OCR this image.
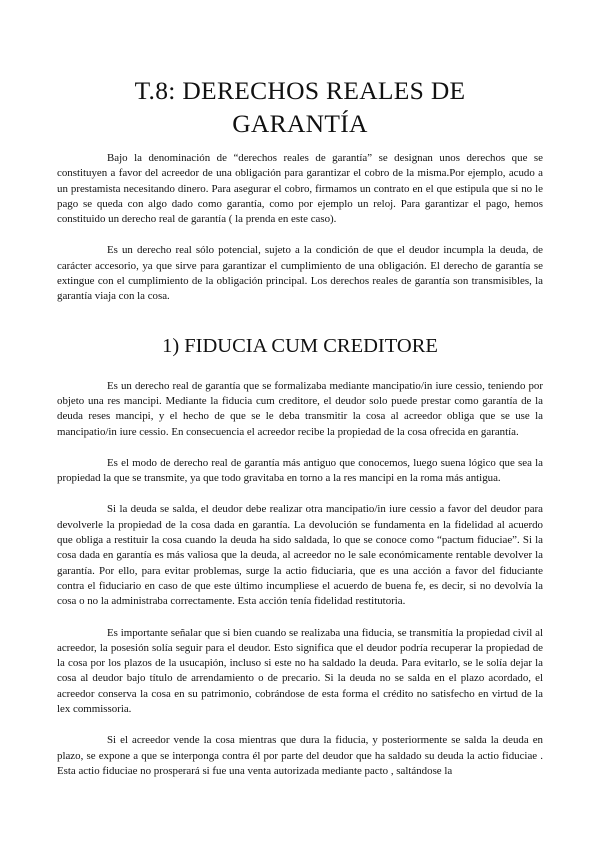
T.8: DERECHOS REALES DE
GARANTÍA

Bajo la denominación de “derechos reales de garantía” se designan unos derechos que se constituyen a favor del acreedor de una obligación para garantizar el cobro de la misma.Por ejemplo, acudo a un prestamista necesitando dinero. Para asegurar el cobro, firmamos un contrato en el que estipula que si no le pago se queda con algo dado como garantía, como por ejemplo un reloj. Para garantizar el pago, hemos constituido un derecho real de garantía ( la prenda en este caso).

Es un derecho real sólo potencial, sujeto a la condición de que el deudor incumpla la deuda, de carácter accesorio, ya que sirve para garantizar el cumplimiento de una obligación. El derecho de garantía se extingue con el cumplimiento de la obligación principal. Los derechos reales de garantía son transmisibles, la garantía viaja con la cosa.

1) FIDUCIA CUM CREDITORE

Es un derecho real de garantía que se formalizaba mediante mancipatio/in iure cessio, teniendo por objeto una res mancipi. Mediante la fiducia cum creditore, el deudor solo puede prestar como garantía de la deuda reses mancipi, y el hecho de que se le deba transmitir la cosa al acreedor obliga que se use la mancipatio/in iure cessio. En consecuencia el acreedor recibe la propiedad de la cosa ofrecida en garantía.

Es el modo de derecho real de garantía más antiguo que conocemos, luego suena lógico que sea la propiedad la que se transmite, ya que todo gravitaba en torno a la res mancipi en la roma más antigua.

Si la deuda se salda, el deudor debe realizar otra mancipatio/in iure cessio a favor del deudor para devolverle la propiedad de la cosa dada en garantía. La devolución se fundamenta en la fidelidad al acuerdo que obliga a restituir la cosa cuando la deuda ha sido saldada, lo que se conoce como “pactum fiduciae”. Si la cosa dada en garantía es más valiosa que la deuda, al acreedor no le sale económicamente rentable devolver la garantía. Por ello, para evitar problemas, surge la actio fiduciaria, que es una acción a favor del fiduciante contra el fiduciario en caso de que este último incumpliese el acuerdo de buena fe, es decir, si no devolvía la cosa o no la administraba correctamente. Esta acción tenía fidelidad restitutoria.

Es importante señalar que si bien cuando se realizaba una fiducia, se transmitía la propiedad civil al acreedor, la posesión solía seguir para el deudor. Esto significa que el deudor podría recuperar la propiedad de la cosa por los plazos de la usucapión, incluso si este no ha saldado la deuda. Para evitarlo, se le solía dejar la cosa al deudor bajo título de arrendamiento o de precario. Si la deuda no se salda en el plazo acordado, el acreedor conserva la cosa en su patrimonio, cobrándose de esta forma el crédito no satisfecho en virtud de la lex commissoria.

Si el acreedor vende la cosa mientras que dura la fiducia, y posteriormente se salda la deuda en plazo, se expone a que se interponga contra él por parte del deudor que ha saldado su deuda la actio fiduciae . Esta actio fiduciae no prosperará si fue una venta autorizada mediante pacto , saltándose la
